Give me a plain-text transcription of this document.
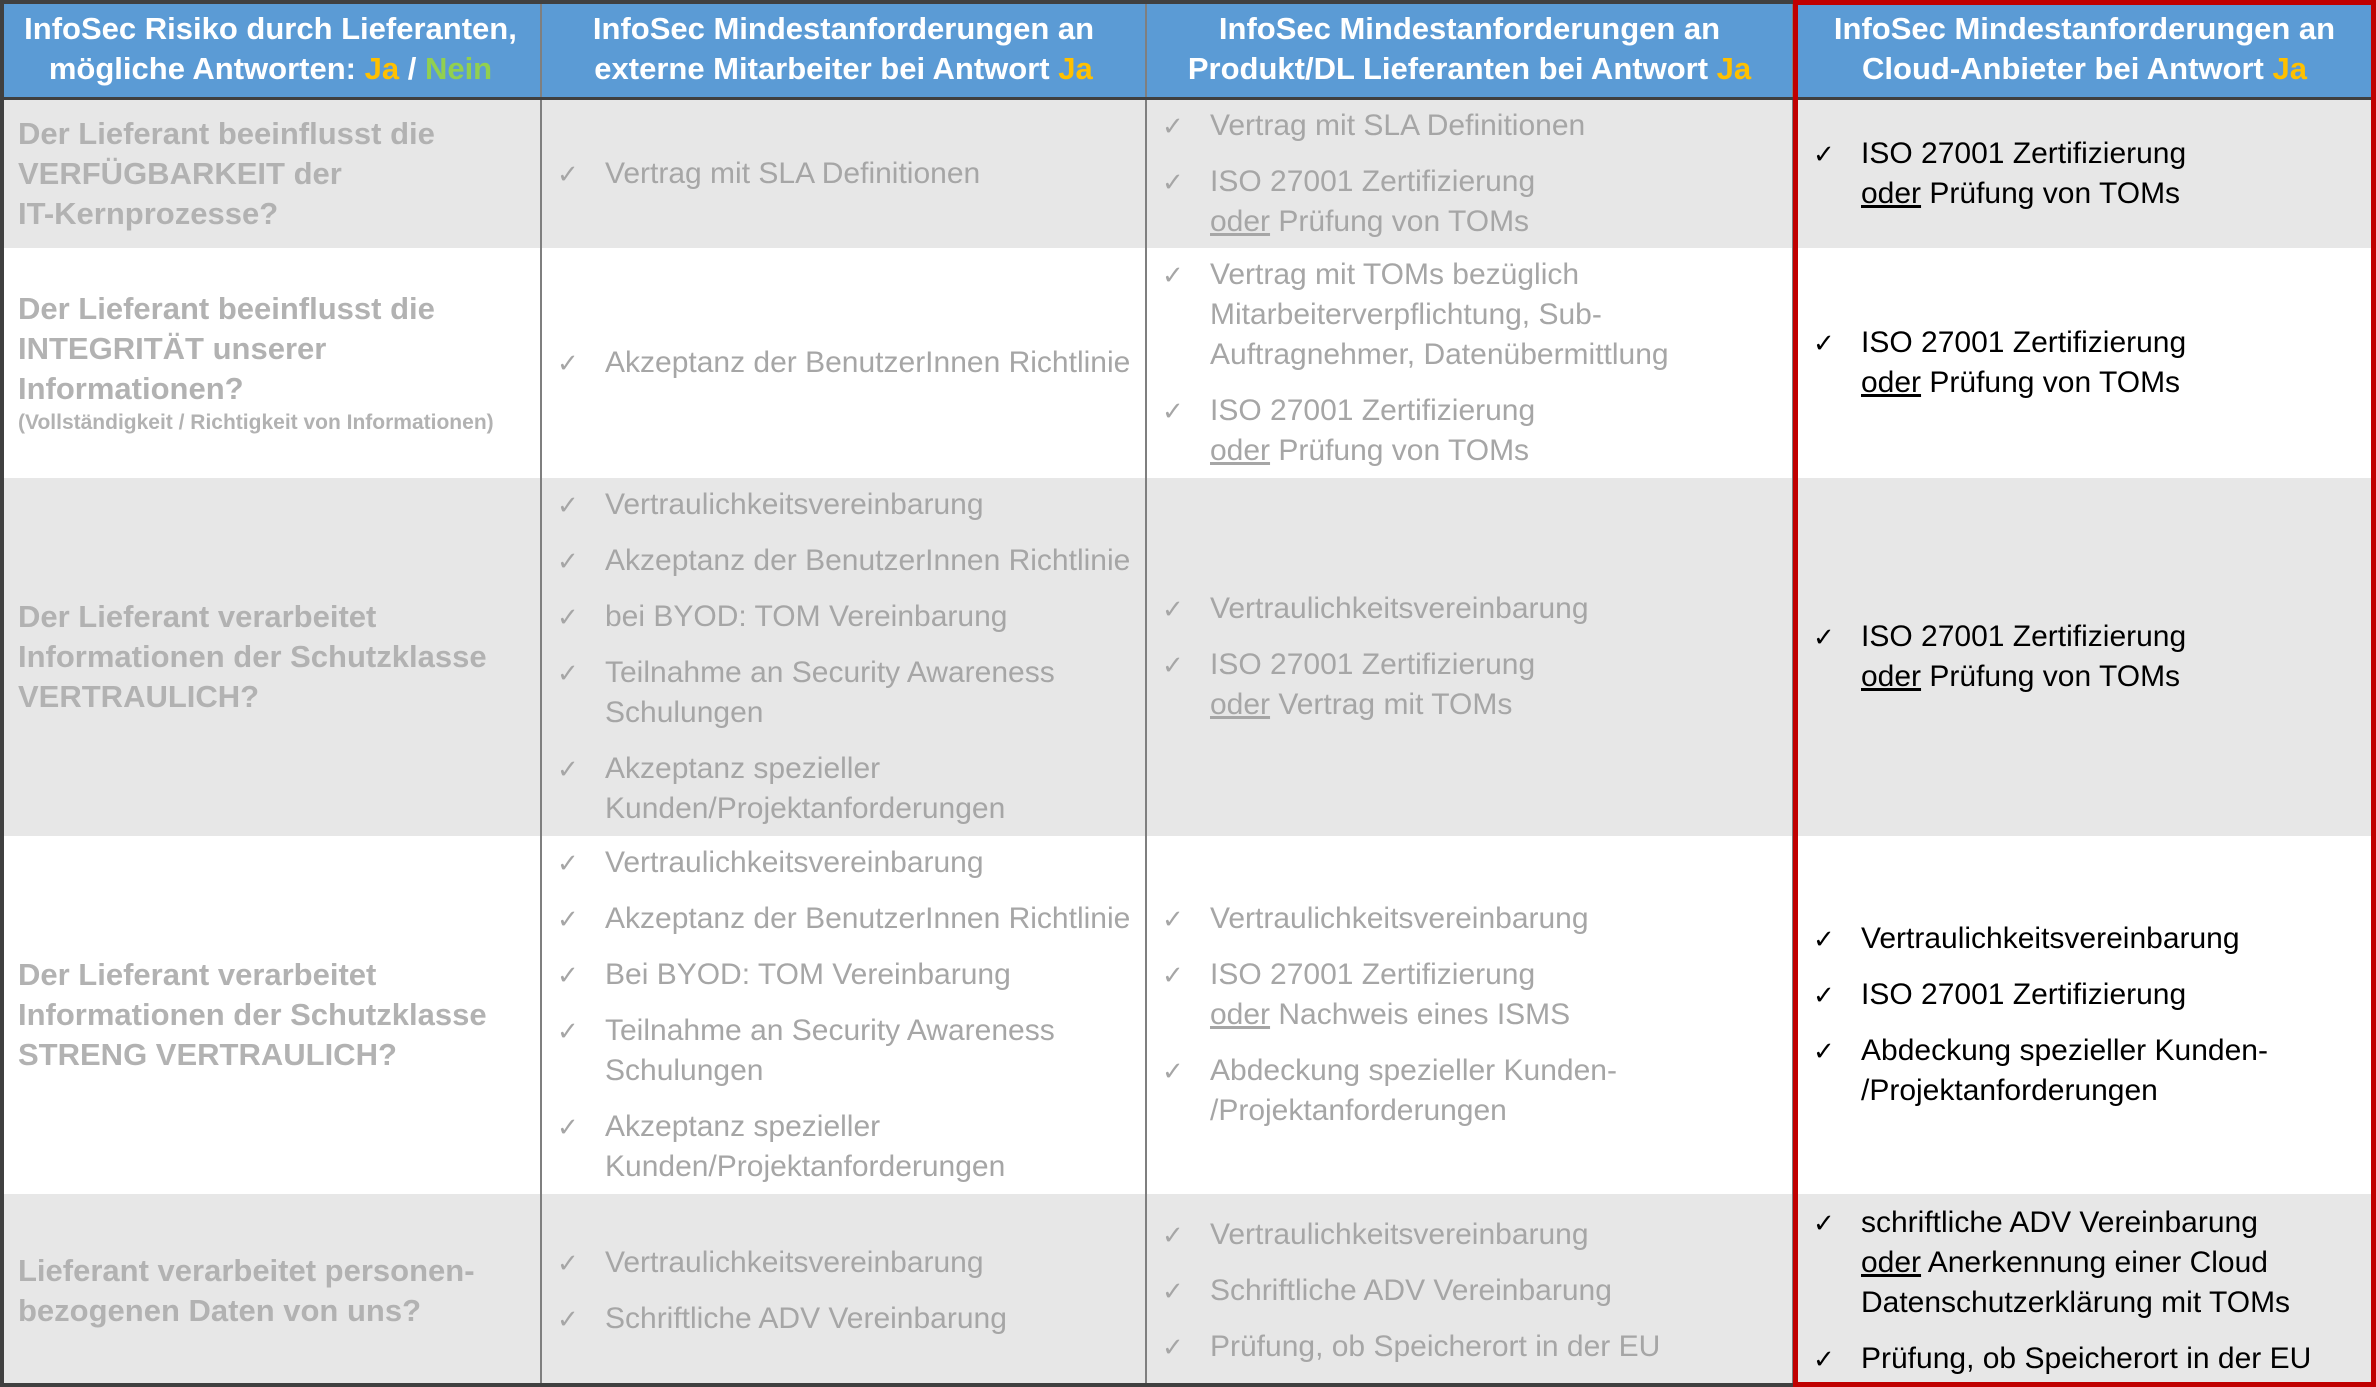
InfoSec Risiko durch Lieferanten,
mögliche Antworten: Ja / Nein
InfoSec Mindestanforderungen an
externe Mitarbeiter bei Antwort Ja
InfoSec Mindestanforderungen an
Produkt/DL Lieferanten bei Antwort Ja
InfoSec Mindestanforderungen an
Cloud-Anbieter bei Antwort Ja
Der Lieferant beeinflusst die
VERFÜGBARKEIT der
IT-Kernprozesse?
✓ Vertrag mit SLA Definitionen
✓ Vertrag mit SLA Definitionen
✓ ISO 27001 Zertifizierung
oder Prüfung von TOMs
✓ ISO 27001 Zertifizierung
oder Prüfung von TOMs
Der Lieferant beeinflusst die
INTEGRITÄT unserer Informationen?
(Vollständigkeit / Richtigkeit von Informationen)
✓ Akzeptanz der BenutzerInnen Richtlinie
✓ Vertrag mit TOMs bezüglich
Mitarbeiterverpflichtung, Sub-
Auftragnehmer, Datenübermittlung
✓ ISO 27001 Zertifizierung
oder Prüfung von TOMs
✓ ISO 27001 Zertifizierung
oder Prüfung von TOMs
Der Lieferant verarbeitet
Informationen der Schutzklasse
VERTRAULICH?
✓ Vertraulichkeitsvereinbarung
✓ Akzeptanz der BenutzerInnen Richtlinie
✓ bei BYOD: TOM Vereinbarung
✓ Teilnahme an Security Awareness
Schulungen
✓ Akzeptanz spezieller
Kunden/Projektanforderungen
✓ Vertraulichkeitsvereinbarung
✓ ISO 27001 Zertifizierung
oder Vertrag mit TOMs
✓ ISO 27001 Zertifizierung
oder Prüfung von TOMs
Der Lieferant verarbeitet
Informationen der Schutzklasse
STRENG VERTRAULICH?
✓ Vertraulichkeitsvereinbarung
✓ Akzeptanz der BenutzerInnen Richtlinie
✓ Bei BYOD: TOM Vereinbarung
✓ Teilnahme an Security Awareness
Schulungen
✓ Akzeptanz spezieller
Kunden/Projektanforderungen
✓ Vertraulichkeitsvereinbarung
✓ ISO 27001 Zertifizierung
oder Nachweis eines ISMS
✓ Abdeckung spezieller Kunden-
/Projektanforderungen
✓ Vertraulichkeitsvereinbarung
✓ ISO 27001 Zertifizierung
✓ Abdeckung spezieller Kunden-
/Projektanforderungen
Lieferant verarbeitet personen-
bezogenen Daten von uns?
✓ Vertraulichkeitsvereinbarung
✓ Schriftliche ADV Vereinbarung
✓ Vertraulichkeitsvereinbarung
✓ Schriftliche ADV Vereinbarung
✓ Prüfung, ob Speicherort in der EU
✓ schriftliche ADV Vereinbarung
oder Anerkennung einer Cloud
Datenschutzerklärung mit TOMs
✓ Prüfung, ob Speicherort in der EU
